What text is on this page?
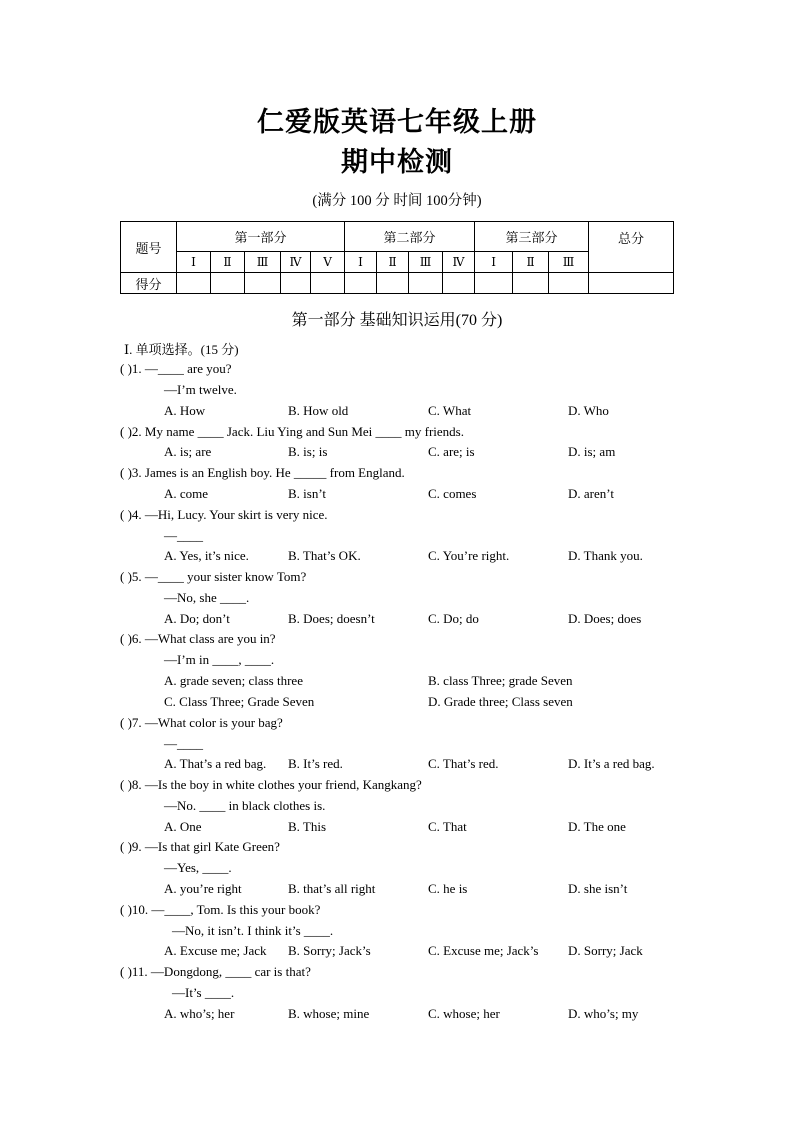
仁爱版英语七年级上册
期中检测
(满分 100 分 时间 100分钟)
题号	第一部分					第二部分				第三部分			总分
	Ⅰ	Ⅱ	Ⅲ	Ⅳ	Ⅴ	Ⅰ	Ⅱ	Ⅲ	Ⅳ	Ⅰ	Ⅱ	Ⅲ	
得分													
第一部分 基础知识运用(70 分)
Ⅰ. 单项选择。(15 分)
( )1. —____ are you?
—I’m twelve.
A. How	B. How old	C. What	D. Who
( )2. My name ____ Jack. Liu Ying and Sun Mei ____ my friends.
A. is; are	B. is; is	C. are; is	D. is; am
( )3. James is an English boy. He _____ from England.
A. come	B. isn’t	C. comes	D. aren’t
( )4. —Hi, Lucy. Your skirt is very nice.
—____
A. Yes, it’s nice.	B. That’s OK.	C. You’re right.	D. Thank you.
( )5. —____ your sister know Tom?
—No, she ____.
A. Do; don’t	B. Does; doesn’t	C. Do; do	D. Does; does
( )6. —What class are you in?
—I’m in ____, ____.
A. grade seven; class three	B. class Three; grade Seven
C. Class Three; Grade Seven	D. Grade three; Class seven
( )7. —What color is your bag?
—____
A. That’s a red bag. B. It’s red.	C. That’s red.	D. It’s a red bag.
( )8. —Is the boy in white clothes your friend, Kangkang?
—No. ____ in black clothes is.
A. One	B. This	C. That	D. The one
( )9. —Is that girl Kate Green?
—Yes, ____.
A. you’re right	B. that’s all right	C. he is	D. she isn’t
( )10. —____, Tom. Is this your book?
—No, it isn’t. I think it’s ____.
A. Excuse me; Jack B. Sorry; Jack’s	C. Excuse me; Jack’s D. Sorry; Jack
( )11. —Dongdong, ____ car is that?
—It’s ____.
A. who’s; her	B. whose; mine	C. whose; her	D. who’s; my
